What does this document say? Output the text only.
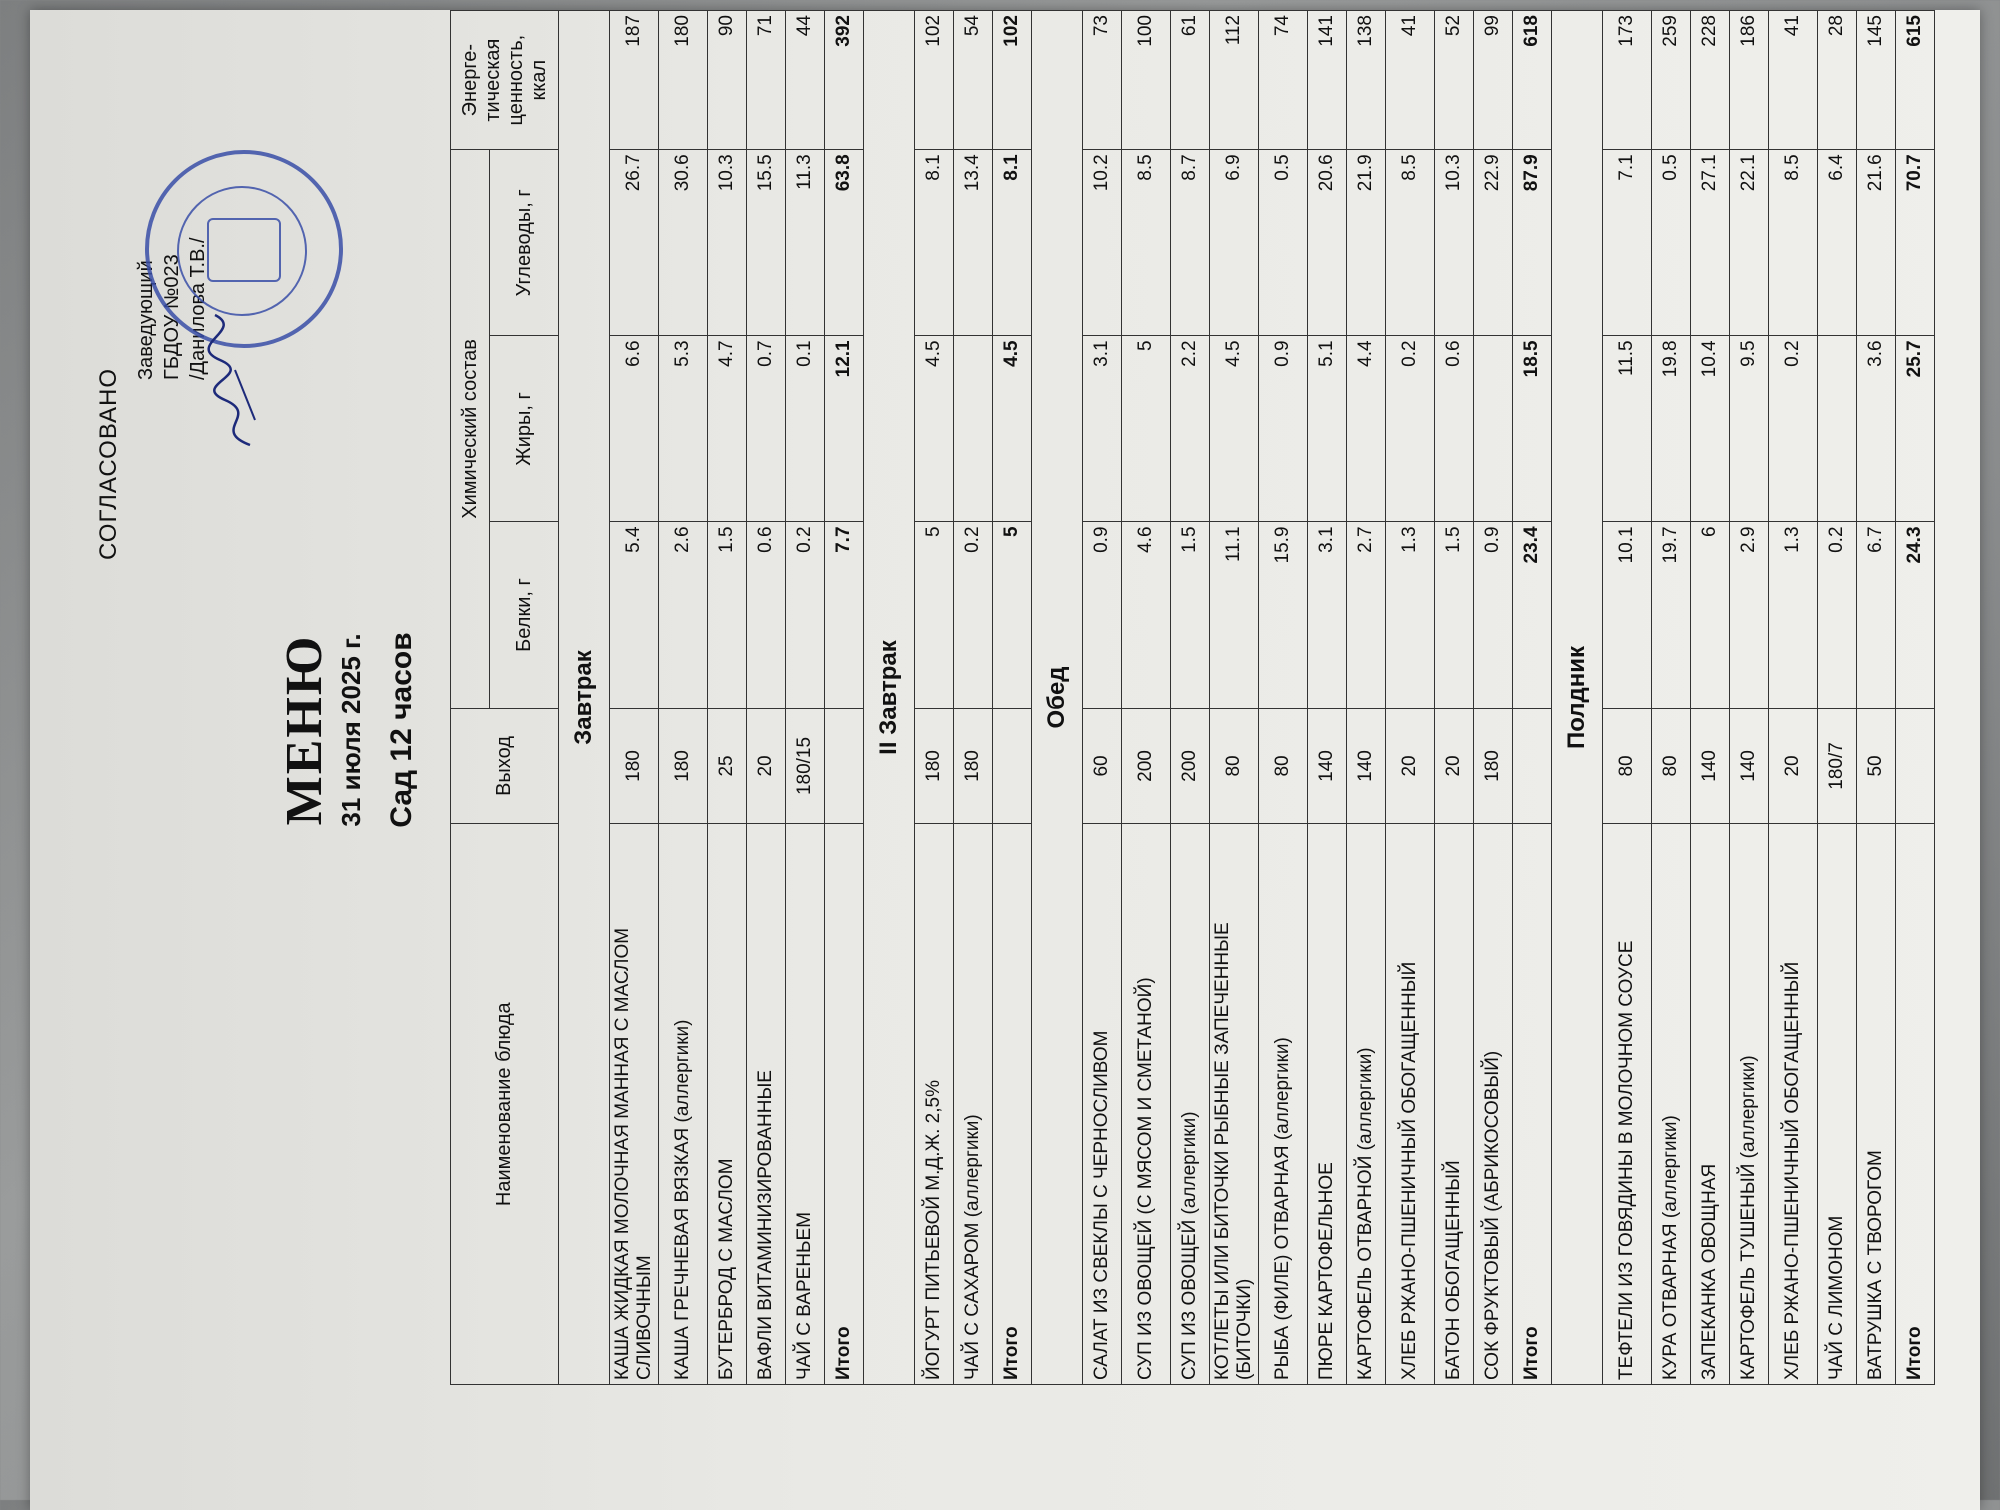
СОГЛАСОВАНО
Заведующий ГБДОУ №023 /Данилова Т.В./
МЕНЮ 31 июля 2025 г. Сад 12 часов
Наименование блюда	Выход	Химический состав			Энерге-тическая ценность, ккал
		Белки, г	Жиры, г	Углеводы, г	
Завтрак					
КАША ЖИДКАЯ МОЛОЧНАЯ МАННАЯ С МАСЛОМ СЛИВОЧНЫМ	180	5.4	6.6	26.7	187
КАША ГРЕЧНЕВАЯ ВЯЗКАЯ (аллергики)	180	2.6	5.3	30.6	180
БУТЕРБРОД С МАСЛОМ	25	1.5	4.7	10.3	90
ВАФЛИ ВИТАМИНИЗИРОВАННЫЕ	20	0.6	0.7	15.5	71
ЧАЙ С ВАРЕНЬЕМ	180/15	0.2	0.1	11.3	44
Итого		7.7	12.1	63.8	392
II Завтрак					
ЙОГУРТ ПИТЬЕВОЙ М.Д.Ж. 2,5%	180	5	4.5	8.1	102
ЧАЙ С САХАРОМ (аллергики)	180	0.2		13.4	54
Итого		5	4.5	8.1	102
Обед					
САЛАТ ИЗ СВЕКЛЫ С ЧЕРНОСЛИВОМ	60	0.9	3.1	10.2	73
СУП ИЗ ОВОЩЕЙ (С МЯСОМ И СМЕТАНОЙ)	200	4.6	5	8.5	100
СУП ИЗ ОВОЩЕЙ (аллергики)	200	1.5	2.2	8.7	61
КОТЛЕТЫ ИЛИ БИТОЧКИ РЫБНЫЕ ЗАПЕЧЕННЫЕ (БИТОЧКИ)	80	11.1	4.5	6.9	112
РЫБА (ФИЛЕ) ОТВАРНАЯ (аллергики)	80	15.9	0.9	0.5	74
ПЮРЕ КАРТОФЕЛЬНОЕ	140	3.1	5.1	20.6	141
КАРТОФЕЛЬ ОТВАРНОЙ (аллергики)	140	2.7	4.4	21.9	138
ХЛЕБ РЖАНО-ПШЕНИЧНЫЙ ОБОГАЩЕННЫЙ	20	1.3	0.2	8.5	41
БАТОН ОБОГАЩЕННЫЙ	20	1.5	0.6	10.3	52
СОК ФРУКТОВЫЙ (АБРИКОСОВЫЙ)	180	0.9		22.9	99
Итого		23.4	18.5	87.9	618
Полдник					
ТЕФТЕЛИ ИЗ ГОВЯДИНЫ В МОЛОЧНОМ СОУСЕ	80	10.1	11.5	7.1	173
КУРА ОТВАРНАЯ (аллергики)	80	19.7	19.8	0.5	259
ЗАПЕКАНКА ОВОЩНАЯ	140	6	10.4	27.1	228
КАРТОФЕЛЬ ТУШЕНЫЙ (аллергики)	140	2.9	9.5	22.1	186
ХЛЕБ РЖАНО-ПШЕНИЧНЫЙ ОБОГАЩЕННЫЙ	20	1.3	0.2	8.5	41
ЧАЙ С ЛИМОНОМ	180/7	0.2		6.4	28
ВАТРУШКА С ТВОРОГОМ	50	6.7	3.6	21.6	145
Итого		24.3	25.7	70.7	615
